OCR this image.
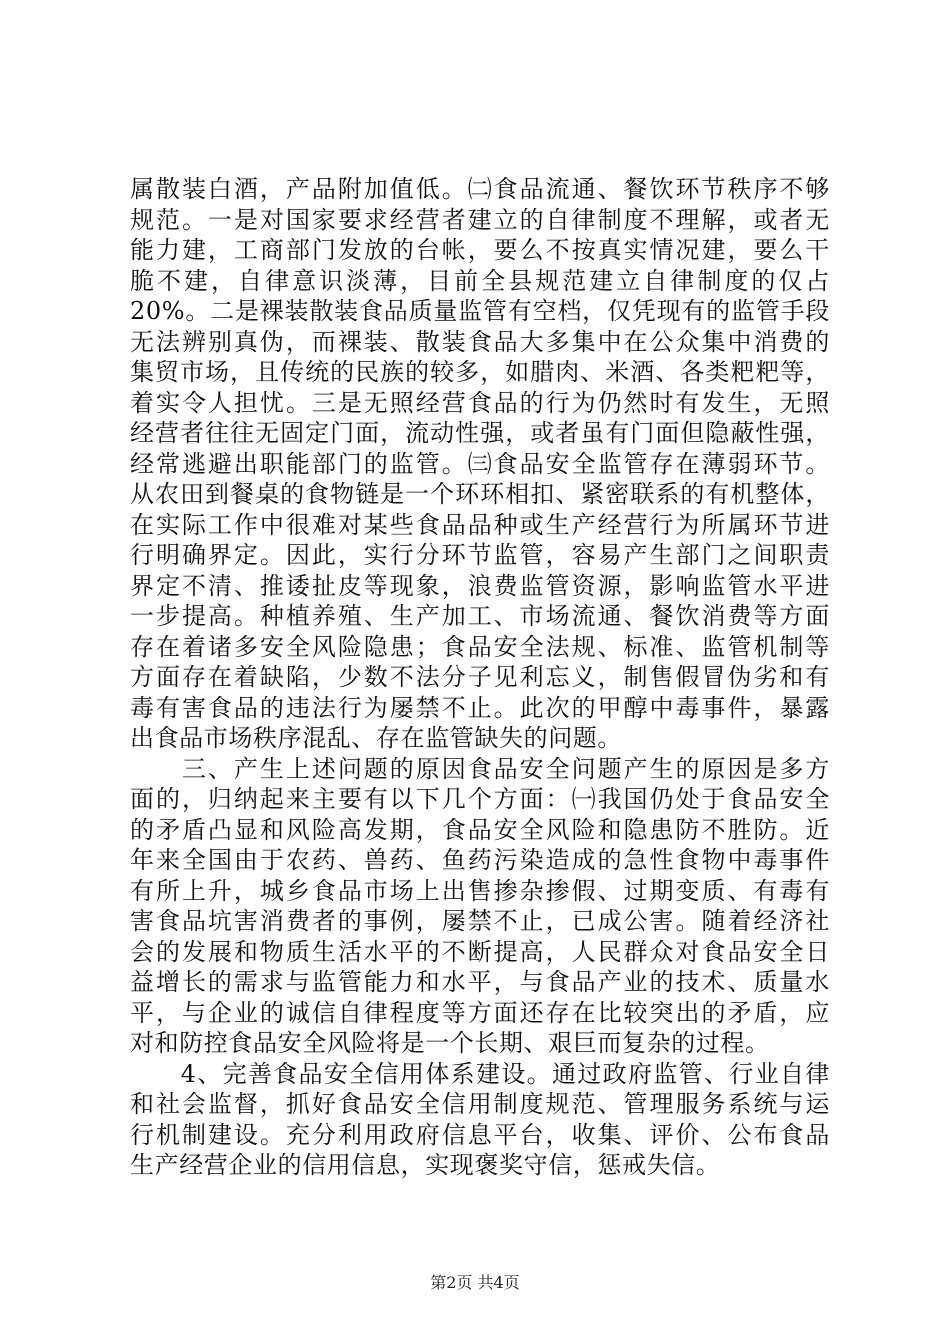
属散装白酒，产品附加值低。㈡食品流通、餐饮环节秩序不够
规范。一是对国家要求经营者建立的自律制度不理解，或者无
能力建，工商部门发放的台帐，要么不按真实情况建，要么干
脆不建，自律意识淡薄，目前全县规范建立自律制度的仅占
20%。二是裸装散装食品质量监管有空档，仅凭现有的监管手段
无法辨别真伪，而裸装、散装食品大多集中在公众集中消费的
集贸市场，且传统的民族的较多，如腊肉、米酒、各类粑粑等，
着实令人担忧。三是无照经营食品的行为仍然时有发生，无照
经营者往往无固定门面，流动性强，或者虽有门面但隐蔽性强，
经常逃避出职能部门的监管。㈢食品安全监管存在薄弱环节。
从农田到餐桌的食物链是一个环环相扣、紧密联系的有机整体，
在实际工作中很难对某些食品品种或生产经营行为所属环节进
行明确界定。因此，实行分环节监管，容易产生部门之间职责
界定不清、推诿扯皮等现象，浪费监管资源，影响监管水平进
一步提高。种植养殖、生产加工、市场流通、餐饮消费等方面
存在着诸多安全风险隐患；食品安全法规、标准、监管机制等
方面存在着缺陷，少数不法分子见利忘义，制售假冒伪劣和有
毒有害食品的违法行为屡禁不止。此次的甲醇中毒事件，暴露
出食品市场秩序混乱、存在监管缺失的问题。
　　三、产生上述问题的原因食品安全问题产生的原因是多方
面的，归纳起来主要有以下几个方面：㈠我国仍处于食品安全
的矛盾凸显和风险高发期，食品安全风险和隐患防不胜防。近
年来全国由于农药、兽药、鱼药污染造成的急性食物中毒事件
有所上升，城乡食品市场上出售掺杂掺假、过期变质、有毒有
害食品坑害消费者的事例，屡禁不止，已成公害。随着经济社
会的发展和物质生活水平的不断提高，人民群众对食品安全日
益增长的需求与监管能力和水平，与食品产业的技术、质量水
平，与企业的诚信自律程度等方面还存在比较突出的矛盾，应
对和防控食品安全风险将是一个长期、艰巨而复杂的过程。
　　4、完善食品安全信用体系建设。通过政府监管、行业自律
和社会监督，抓好食品安全信用制度规范、管理服务系统与运
行机制建设。充分利用政府信息平台，收集、评价、公布食品
生产经营企业的信用信息，实现褒奖守信，惩戒失信。
第2页 共4页
